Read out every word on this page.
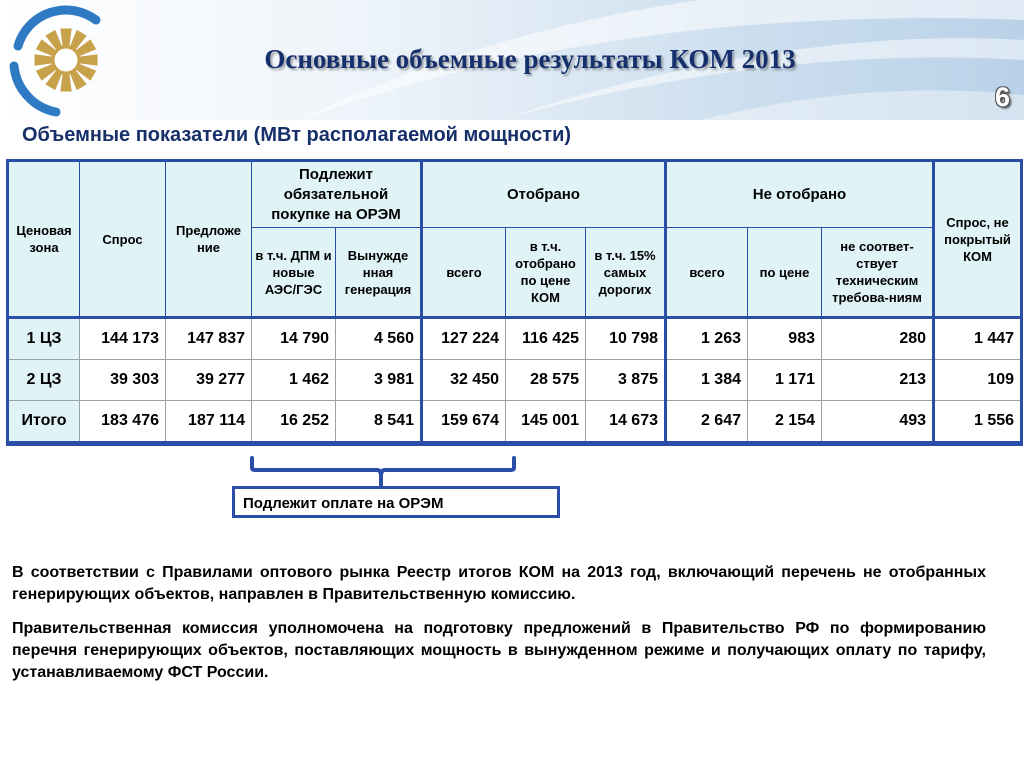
Основные объемные результаты КОМ 2013
6
Объемные показатели (МВт располагаемой мощности)
Ценовая зона	Спрос	Предложе ние	Подлежит обязательной покупке на ОРЭМ		Отобрано			Не отобрано			Спрос, не покрытый КОМ
			в т.ч. ДПМ и новые АЭС/ГЭС	Вынужде нная генерация	всего	в т.ч. отобрано по цене КОМ	в т.ч. 15% самых дорогих	всего	по цене	не соответ-ствует техническим требова-ниям	
1 ЦЗ	144 173	147 837	14 790	4 560	127 224	116 425	10 798	1 263	983	280	1 447
2 ЦЗ	39 303	39 277	1 462	3 981	32 450	28 575	3 875	1 384	1 171	213	109
Итого	183 476	187 114	16 252	8 541	159 674	145 001	14 673	2 647	2 154	493	1 556
Подлежит оплате на ОРЭМ
В соответствии с Правилами оптового рынка Реестр итогов КОМ на 2013 год, включающий перечень не отобранных генерирующих объектов, направлен в Правительственную комиссию.
Правительственная комиссия уполномочена на подготовку предложений в Правительство РФ по формированию перечня генерирующих объектов, поставляющих мощность в вынужденном режиме и получающих оплату по тарифу, устанавливаемому ФСТ России.
